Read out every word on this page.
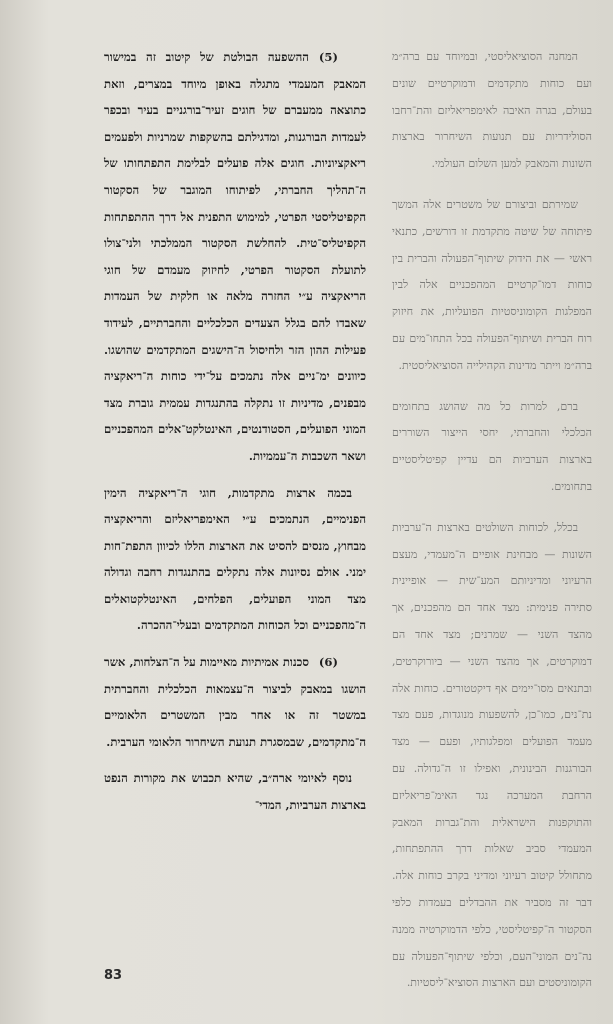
המחנה הסוציאליסטי, ובמיוחד עם ברה״מ ועם כוחות מתקדמים ודמוקרטיים שונים בעולם, בגרה האיבה לאימפריאליזם והת־רחבו הסולידריות עם תנועות השיחרור בארצות השונות והמאבק למען השלום העולמי.

שמירתם וביצורם של משטרים אלה המשך פיתוחה של שיטה מתקדמת זו דורשים, כתנאי ראשי — את הידוק שיתוף־הפעולה והברית בין כוחות דמו־קרטיים המהפכניים אלה לבין המפלגות הקומוניסטיות הפועליות, את חיזוק רוח הברית ושיתוף־הפעולה בכל התחו־מים עם ברה״מ וייתר מדינות הקהילייה הסוציאליסטית.

ברם, למרות כל מה שהושג בתחומים הכלכלי והחברתי, יחסי הייצור השוררים בארצות הערביות הם עדיין קפיטליסטיים בתחומים.

בכלל, לכוחות השולטים בארצות ה־ערביות השונות — מבחינת אופיים ה־מעמדי, מעצם הרעיוני ומדיניותם המע־שית — אופיינית סתירה פנימית: מצד אחד הם מהפכנים, אך מהצד השני — שמרנים; מצד אחד הם דמוקרטים, אך מהצד השני — ביורוקרטים, ובתנאים מסו־יימים אף דיקטטורים. כוחות אלה נת־נים, כמו־כן, להשפעות מנוגדות, פעם מצד מעמד הפועלים ומפלגותיו, ופעם — מצד הבורגנות הבינונית, ואפילו זו ה־גדולה. עם הרחבת המערכה נגד האימ־פריאליזם והתוקפנות הישראלית והת־גברות המאבק המעמדי סביב שאלות דרך ההתפתחות, מתחולל קיטוב רעיוני ומדיני בקרב כוחות אלה. דבר זה מסביר את ההבדלים בעמדות כלפי הסקטור ה־קפיטליסטי, כלפי הדמוקרטיה ממנה נה־נים המוני־העם, וכלפי שיתוף־הפעולה עם הקומוניסטים ועם הארצות הסוציא־ליסטיות.

(5)ההשפעה הבולטת של קיטוב זה במישור המאבק המעמדי מתגלה באופן מיוחד במצרים, וזאת כתוצאה ממעברם של חוגים זעיר־בורגניים בעיר ובכפר לעמדות הבורגנות, ומדגילתם בהשקפות שמרניות ולפעמים ריאקציוניות. חוגים אלה פועלים לבלימת התפתחותו של ה־תהליך החברתי, לפיתוחו המוגבר של הסקטור הקפיטליסטי הפרטי, למימוש התפנית אל דרך ההתפתחות הקפיטליס־טית. להחלשת הסקטור הממלכתי ולני־צולו לתועלת הסקטור הפרטי, לחיזוק מעמדם של חוגי הריאקציה ע״י החזרה מלאה או חלקית של העמדות שאבדו להם בגלל הצעדים הכלכליים והחברתיים, לעידוד פעילות ההון הזר ולחיסול ה־הישגים המתקדמים שהושגו. כיוונים ימ־ניים אלה נתמכים על־ידי כוחות ה־ריאקציה מבפנים, מדיניות זו נתקלה בהתנגדות עממית גוברת מצד המוני הפועלים, הסטודנטים, האינטלקט־אלים המהפכניים ושאר השכבות ה־עממיות.

בכמה ארצות מתקדמות, חוגי ה־ריאקציה הימין הפנימיים, הנתמכים ע״י האימפריאליזם והריאקציה מבחוץ, מנסים להסיט את הארצות הללו לכיוון התפת־חות ימני. אולם נסיונות אלה נתקלים בהתנגדות רחבה וגדולה מצד המוני הפועלים, הפלחים, האינטלקטואלים ה־מהפכניים וכל הכוחות המתקדמים ובעלי־ההכרה.

(6)סכנות אמיתיות מאיימות על ה־הצלחות, אשר הושגו במאבק לביצור ה־עצמאות הכלכלית והחברתית במשטר זה או אחר מבין המשטרים הלאומיים ה־מתקדמים, שבמסגרת תנועת השיחרור הלאומי הערבית.

נוסף לאיומי ארה״ב, שהיא תכבוש את מקורות הנפט בארצות הערביות, המדי־

83
